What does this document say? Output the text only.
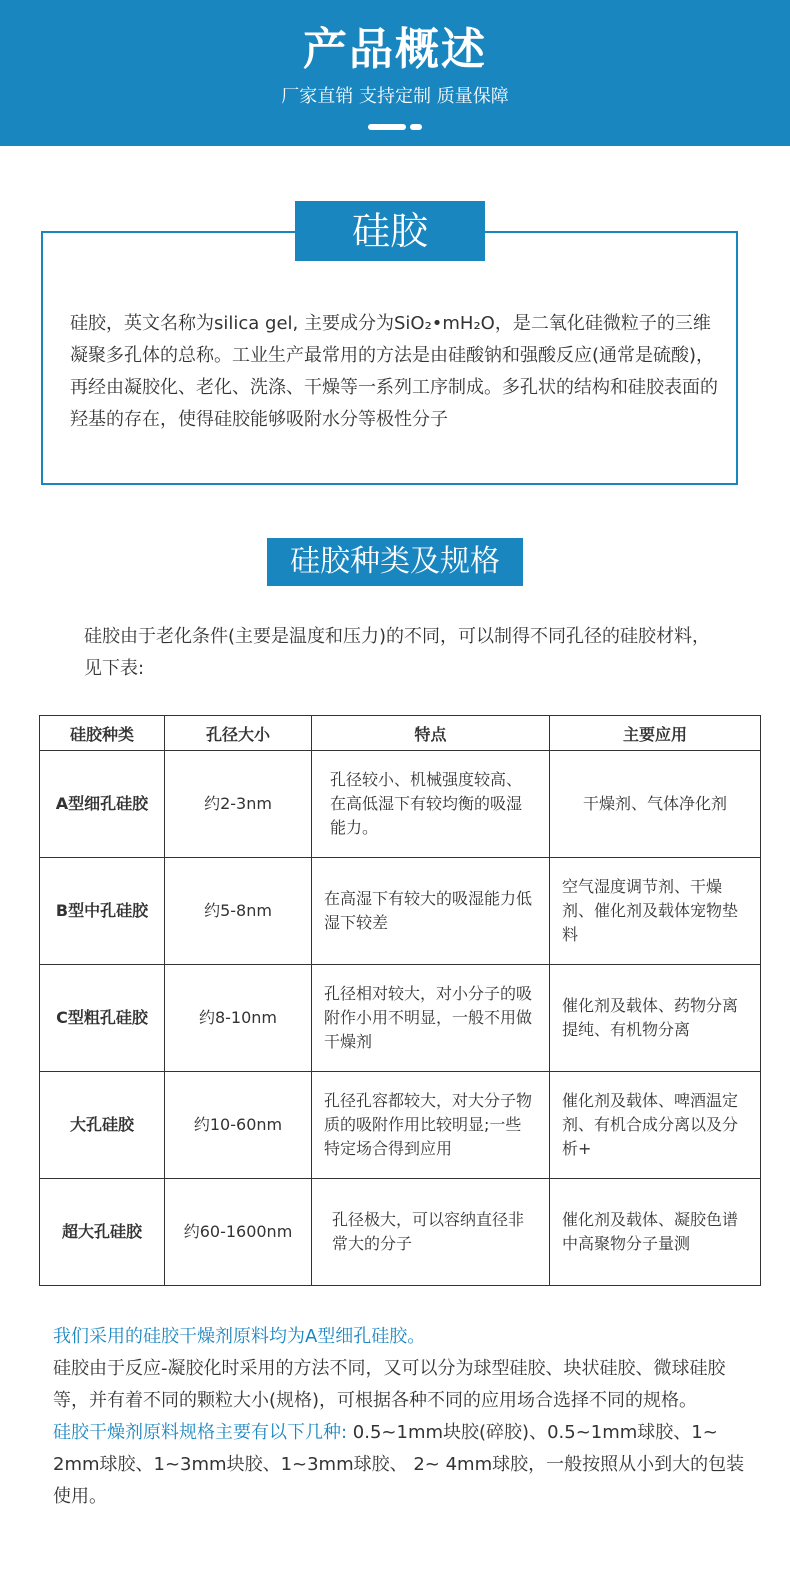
产品概述
厂家直销 支持定制 质量保障
硅胶
硅胶，英文名称为silica gel, 主要成分为SiO₂•mH₂O，是二氧化硅微粒子的三维凝聚多孔体的总称。工业生产最常用的方法是由硅酸钠和强酸反应(通常是硫酸)，再经由凝胶化、老化、洗涤、干燥等一系列工序制成。多孔状的结构和硅胶表面的羟基的存在，使得硅胶能够吸附水分等极性分子
硅胶种类及规格
硅胶由于老化条件(主要是温度和压力)的不同，可以制得不同孔径的硅胶材料，见下表:
硅胶种类	孔径大小	特点	主要应用
A型细孔硅胶	约2-3nm	孔径较小、机械强度较高、在高低湿下有较均衡的吸湿能力。	干燥剂、气体净化剂
B型中孔硅胶	约5-8nm	在高湿下有较大的吸湿能力低湿下较差	空气湿度调节剂、干燥剂、催化剂及载体宠物垫料
C型粗孔硅胶	约8-10nm	孔径相对较大，对小分子的吸附作小用不明显，一般不用做干燥剂	催化剂及载体、药物分离提纯、有机物分离
大孔硅胶	约10-60nm	孔径孔容都较大，对大分子物质的吸附作用比较明显;一些特定场合得到应用	催化剂及载体、啤酒温定剂、有机合成分离以及分析+
超大孔硅胶	约60-1600nm	孔径极大，可以容纳直径非常大的分子	催化剂及载体、凝胶色谱中高聚物分子量测
我们采用的硅胶干燥剂原料均为A型细孔硅胶。
硅胶由于反应-凝胶化时采用的方法不同，又可以分为球型硅胶、块状硅胶、微球硅胶等，并有着不同的颗粒大小(规格)，可根据各种不同的应用场合选择不同的规格。
硅胶干燥剂原料规格主要有以下几种: 0.5~1mm块胶(碎胶)、0.5~1mm球胶、1~ 2mm球胶、1~3mm块胶、1~3mm球胶、 2~ 4mm球胶，一般按照从小到大的包装使用。
